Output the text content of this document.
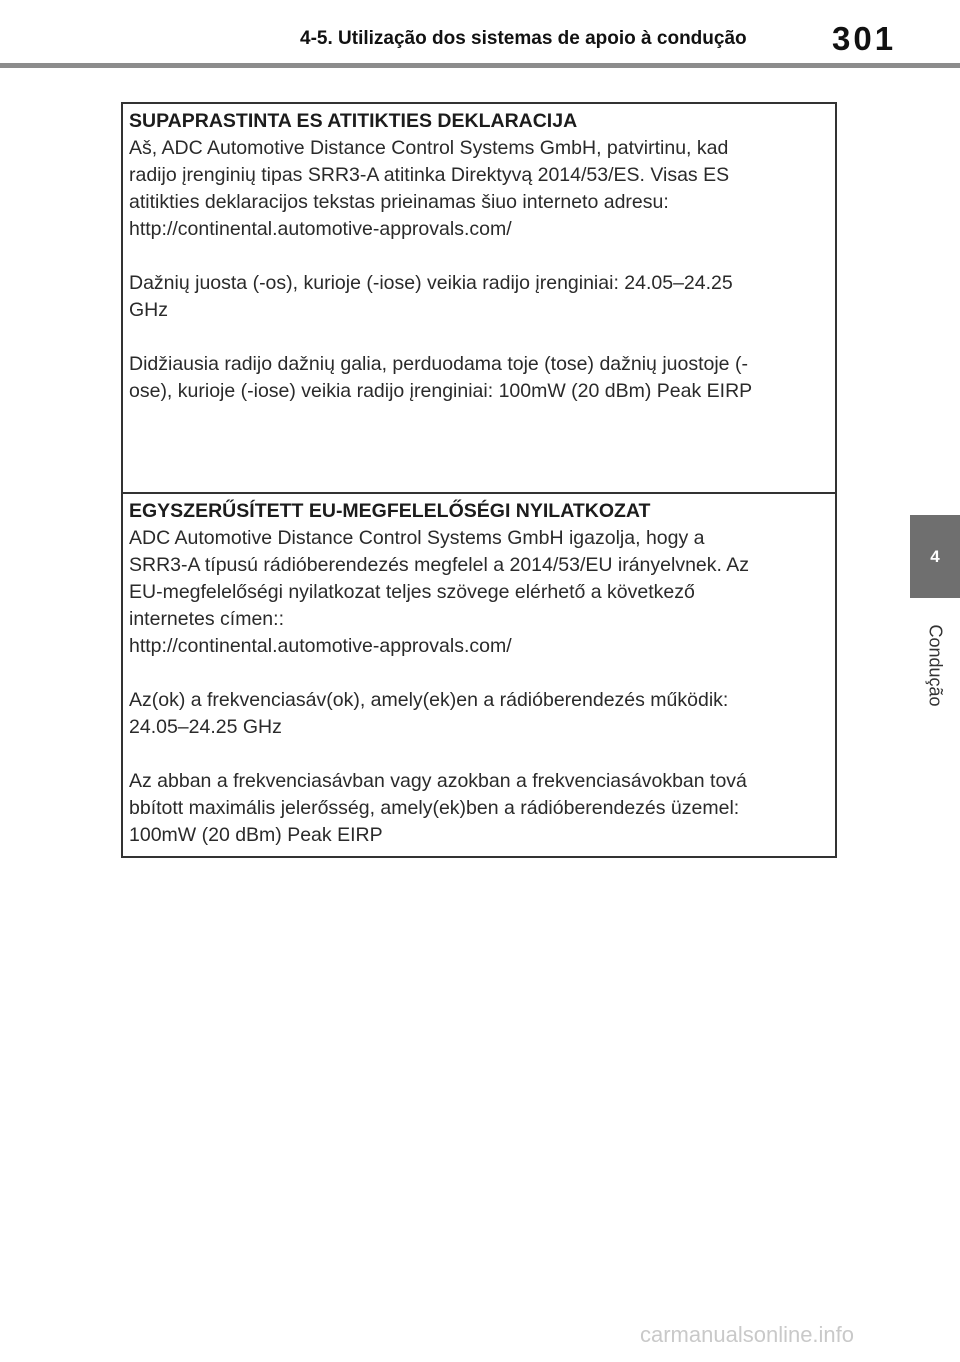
4-5. Utilização dos sistemas de apoio à condução	301
4
Condução

SUPAPRASTINTA ES ATITIKTIES DEKLARACIJA

Aš, ADC Automotive Distance Control Systems GmbH, patvirtinu, kad
radijo įrenginių tipas SRR3-A atitinka Direktyvą 2014/53/ES. Visas ES
atitikties deklaracijos tekstas prieinamas šiuo interneto adresu:
http://continental.automotive-approvals.com/

Dažnių juosta (-os), kurioje (-iose) veikia radijo įrenginiai: 24.05–24.25
GHz

Didžiausia radijo dažnių galia, perduodama toje (tose) dažnių juostoje (-
ose), kurioje (-iose) veikia radijo įrenginiai: 100mW (20 dBm) Peak EIRP

EGYSZERŰSÍTETT EU-MEGFELELŐSÉGI NYILATKOZAT

ADC Automotive Distance Control Systems GmbH igazolja, hogy a
SRR3-A típusú rádióberendezés megfelel a 2014/53/EU irányelvnek. Az
EU-megfelelőségi nyilatkozat teljes szövege elérhető a következő
internetes címen::
http://continental.automotive-approvals.com/

Az(ok) a frekvenciasáv(ok), amely(ek)en a rádióberendezés működik:
24.05–24.25 GHz

Az abban a frekvenciasávban vagy azokban a frekvenciasávokban tová
bbított maximális jelerősség, amely(ek)ben a rádióberendezés üzemel:
100mW (20 dBm) Peak EIRP

carmanualsonline.info
